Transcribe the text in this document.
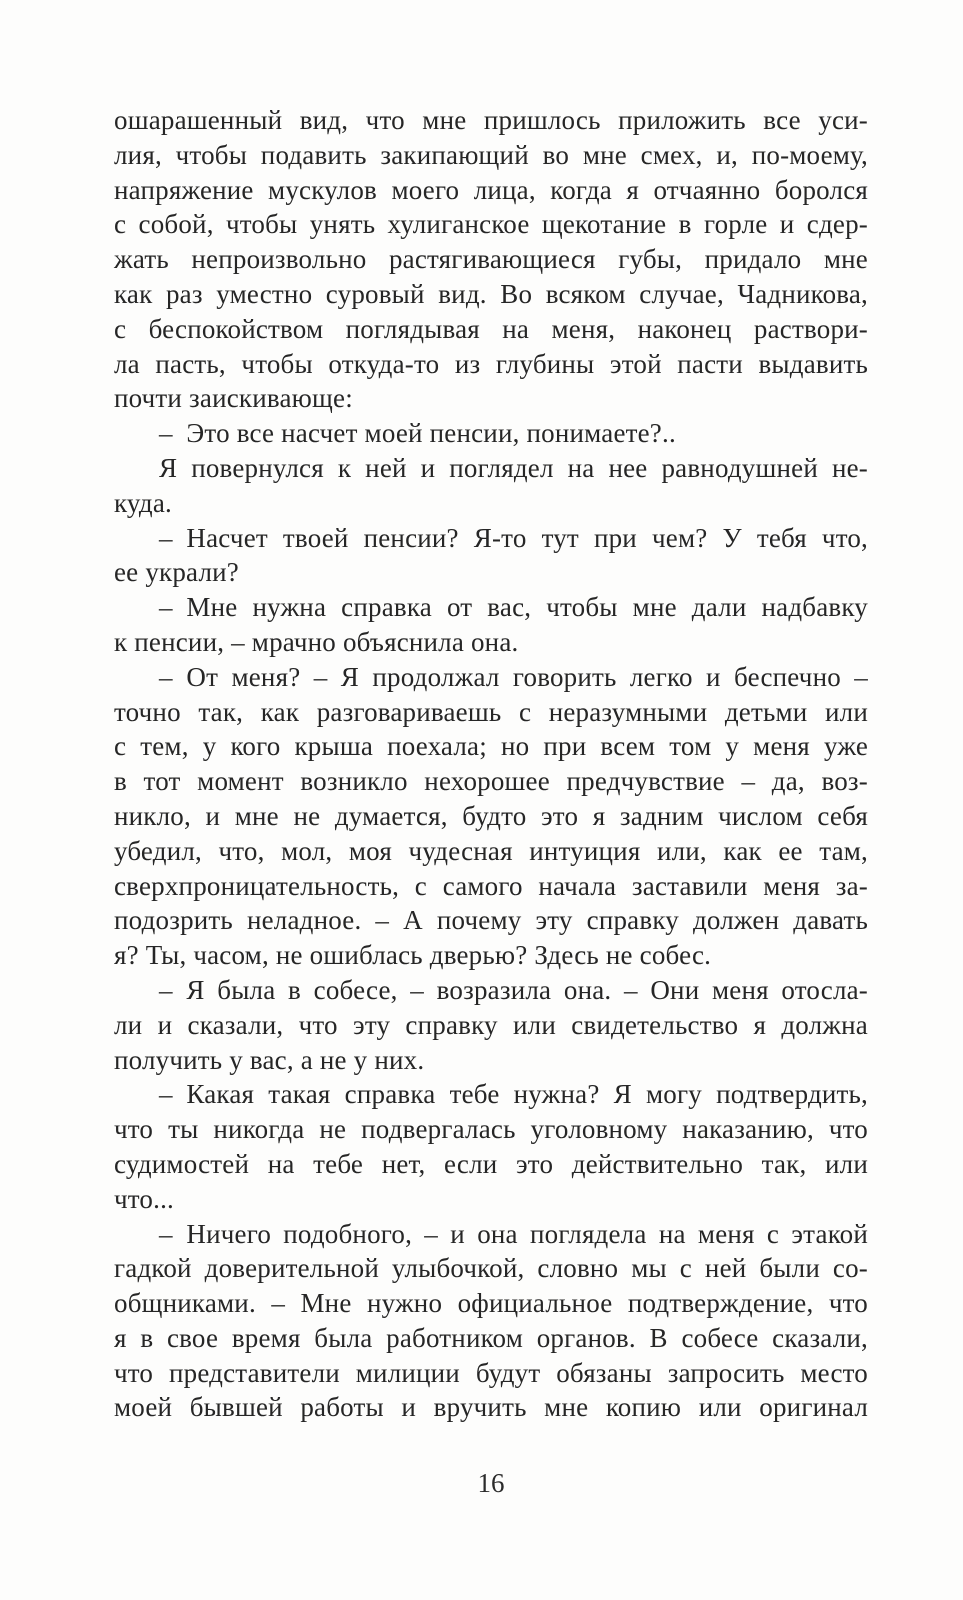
ошарашенный вид, что мне пришлось приложить все уси-
лия, чтобы подавить закипающий во мне смех, и, по-моему,
напряжение мускулов моего лица, когда я отчаянно боролся
с собой, чтобы унять хулиганское щекотание в горле и сдер-
жать непроизвольно растягивающиеся губы, придало мне
как раз уместно суровый вид. Во всяком случае, Чадникова,
с беспокойством поглядывая на меня, наконец раствори-
ла пасть, чтобы откуда-то из глубины этой пасти выдавить
почти заискивающе:
– Это все насчет моей пенсии, понимаете?..
Я повернулся к ней и поглядел на нее равнодушней не-
куда.
– Насчет твоей пенсии? Я-то тут при чем? У тебя что,
ее украли?
– Мне нужна справка от вас, чтобы мне дали надбавку
к пенсии, – мрачно объяснила она.
– От меня? – Я продолжал говорить легко и беспечно –
точно так, как разговариваешь с неразумными детьми или
с тем, у кого крыша поехала; но при всем том у меня уже
в тот момент возникло нехорошее предчувствие – да, воз-
никло, и мне не думается, будто это я задним числом себя
убедил, что, мол, моя чудесная интуиция или, как ее там,
сверхпроницательность, с самого начала заставили меня за-
подозрить неладное. – А почему эту справку должен давать
я? Ты, часом, не ошиблась дверью? Здесь не собес.
– Я была в собесе, – возразила она. – Они меня отосла-
ли и сказали, что эту справку или свидетельство я должна
получить у вас, а не у них.
– Какая такая справка тебе нужна? Я могу подтвердить,
что ты никогда не подвергалась уголовному наказанию, что
судимостей на тебе нет, если это действительно так, или
что...
– Ничего подобного, – и она поглядела на меня с этакой
гадкой доверительной улыбочкой, словно мы с ней были со-
общниками. – Мне нужно официальное подтверждение, что
я в свое время была работником органов. В собесе сказали,
что представители милиции будут обязаны запросить место
моей бывшей работы и вручить мне копию или оригинал
16
